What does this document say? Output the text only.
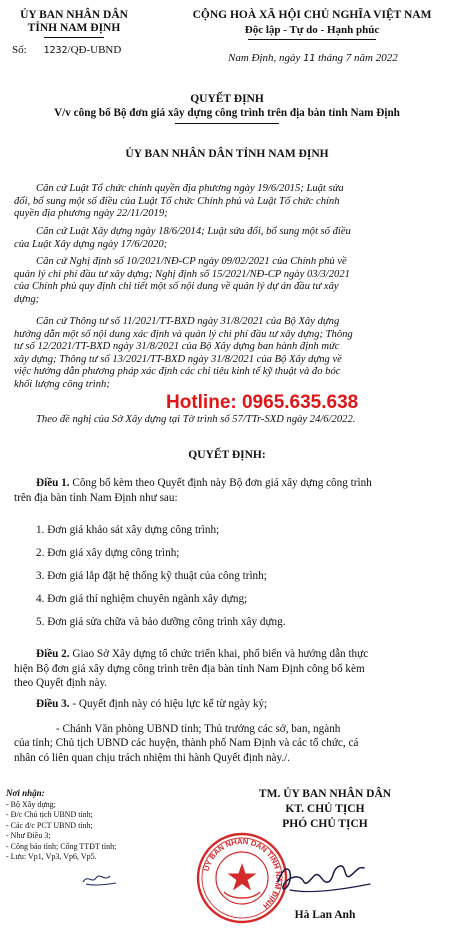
ỦY BAN NHÂN DÂN
TỈNH NAM ĐỊNH
Số: 1232/QĐ-UBND
CỘNG HOÀ XÃ HỘI CHỦ NGHĨA VIỆT NAM
Độc lập - Tự do - Hạnh phúc
Nam Định, ngày 11 tháng 7 năm 2022
QUYẾT ĐỊNH
V/v công bố Bộ đơn giá xây dựng công trình trên địa bàn tỉnh Nam Định
ỦY BAN NHÂN DÂN TỈNH NAM ĐỊNH
Căn cứ Luật Tổ chức chính quyền địa phương ngày 19/6/2015; Luật sửa
đổi, bổ sung một số điều của Luật Tổ chức Chính phủ và Luật Tổ chức chính
quyền địa phương ngày 22/11/2019;
Căn cứ Luật Xây dựng ngày 18/6/2014; Luật sửa đổi, bổ sung một số điều
của Luật Xây dựng ngày 17/6/2020;
Căn cứ Nghị định số 10/2021/NĐ-CP ngày 09/02/2021 của Chính phủ về
quản lý chi phí đầu tư xây dựng; Nghị định số 15/2021/NĐ-CP ngày 03/3/2021
của Chính phủ quy định chi tiết một số nội dung về quản lý dự án đầu tư xây
dựng;
Căn cứ Thông tư số 11/2021/TT-BXD ngày 31/8/2021 của Bộ Xây dựng
hướng dẫn một số nội dung xác định và quản lý chi phí đầu tư xây dựng; Thông
tư số 12/2021/TT-BXD ngày 31/8/2021 của Bộ Xây dựng ban hành định mức
xây dựng; Thông tư số 13/2021/TT-BXD ngày 31/8/2021 của Bộ Xây dựng về
việc hướng dẫn phương pháp xác định các chỉ tiêu kinh tế kỹ thuật và đo bóc
khối lượng công trình;
Hotline: 0965.635.638
Theo đề nghị của Sở Xây dựng tại Tờ trình số 57/TTr-SXD ngày 24/6/2022.
QUYẾT ĐỊNH:
Điều 1. Công bố kèm theo Quyết định này Bộ đơn giá xây dựng công trình
trên địa bàn tỉnh Nam Định như sau:
1. Đơn giá khảo sát xây dựng công trình;
2. Đơn giá xây dựng công trình;
3. Đơn giá lắp đặt hệ thống kỹ thuật của công trình;
4. Đơn giá thí nghiệm chuyên ngành xây dựng;
5. Đơn giá sửa chữa và bảo dưỡng công trình xây dựng.
Điều 2. Giao Sở Xây dựng tổ chức triển khai, phổ biến và hướng dẫn thực
hiện Bộ đơn giá xây dựng công trình trên địa bàn tỉnh Nam Định công bố kèm
theo Quyết định này.
Điều 3. - Quyết định này có hiệu lực kể từ ngày ký;
- Chánh Văn phòng UBND tỉnh; Thủ trưởng các sở, ban, ngành
của tỉnh; Chủ tịch UBND các huyện, thành phố Nam Định và các tổ chức, cá
nhân có liên quan chịu trách nhiệm thi hành Quyết định này./.
Nơi nhận:
- Bộ Xây dựng;
- Đ/c Chủ tịch UBND tỉnh;
- Các đ/c PCT UBND tỉnh;
- Như Điều 3;
- Công báo tỉnh; Cổng TTĐT tỉnh;
- Lưu: Vp1, Vp3, Vp6, Vp5.
TM. ỦY BAN NHÂN DÂN
KT. CHỦ TỊCH
PHÓ CHỦ TỊCH
ỦY BAN NHÂN DÂN TỈNH NAM ĐỊNH
Hà Lan Anh
